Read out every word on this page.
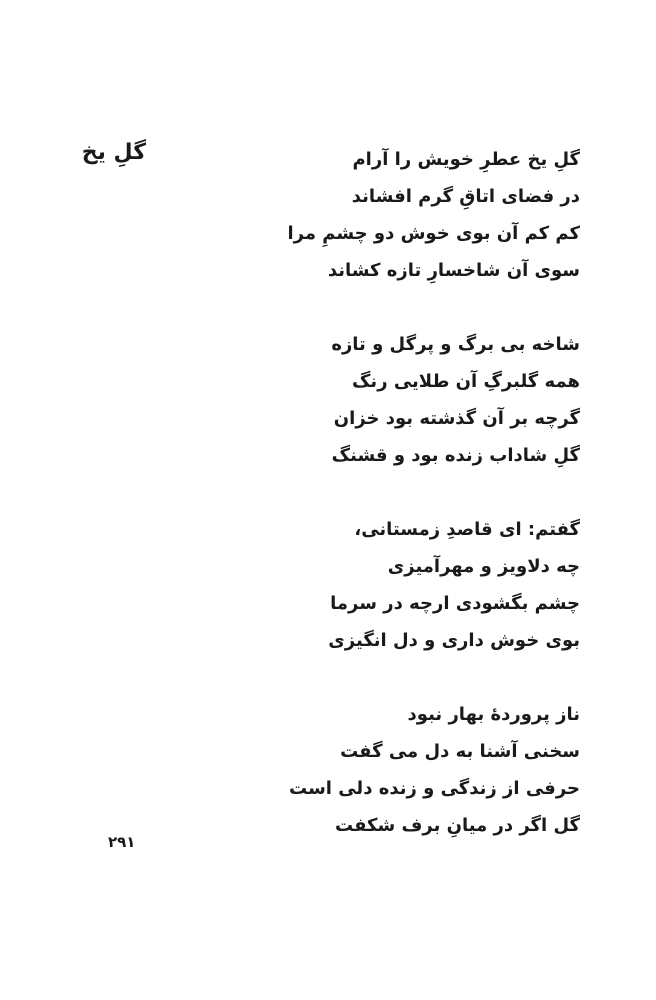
گلِ یخ	گلِ یخ عطرِ خویش را آرام
در فضای اتاقِ گرم افشاند
کم کم آن بوی خوش دو چشمِ مرا
سوی آن شاخسارِ تازه کشاند
شاخه بی برگ و پرگل و تازه
همه گلبرگِ آن طلایی رنگ
گرچه بر آن گذشته بود خزان
گلِ شاداب زنده بود و قشنگ
گفتم: ای قاصدِ زمستانی،
چه دلاویز و مهرآمیزی
چشم بگشودی ارچه در سرما
بوی خوش داری و دل انگیزی
ناز پروردهٔ بهار نبود
سخنی آشنا به دل می گفت
حرفی از زندگی و زنده دلی است
گل اگر در میانِ برف شکفت
۲۹۱
